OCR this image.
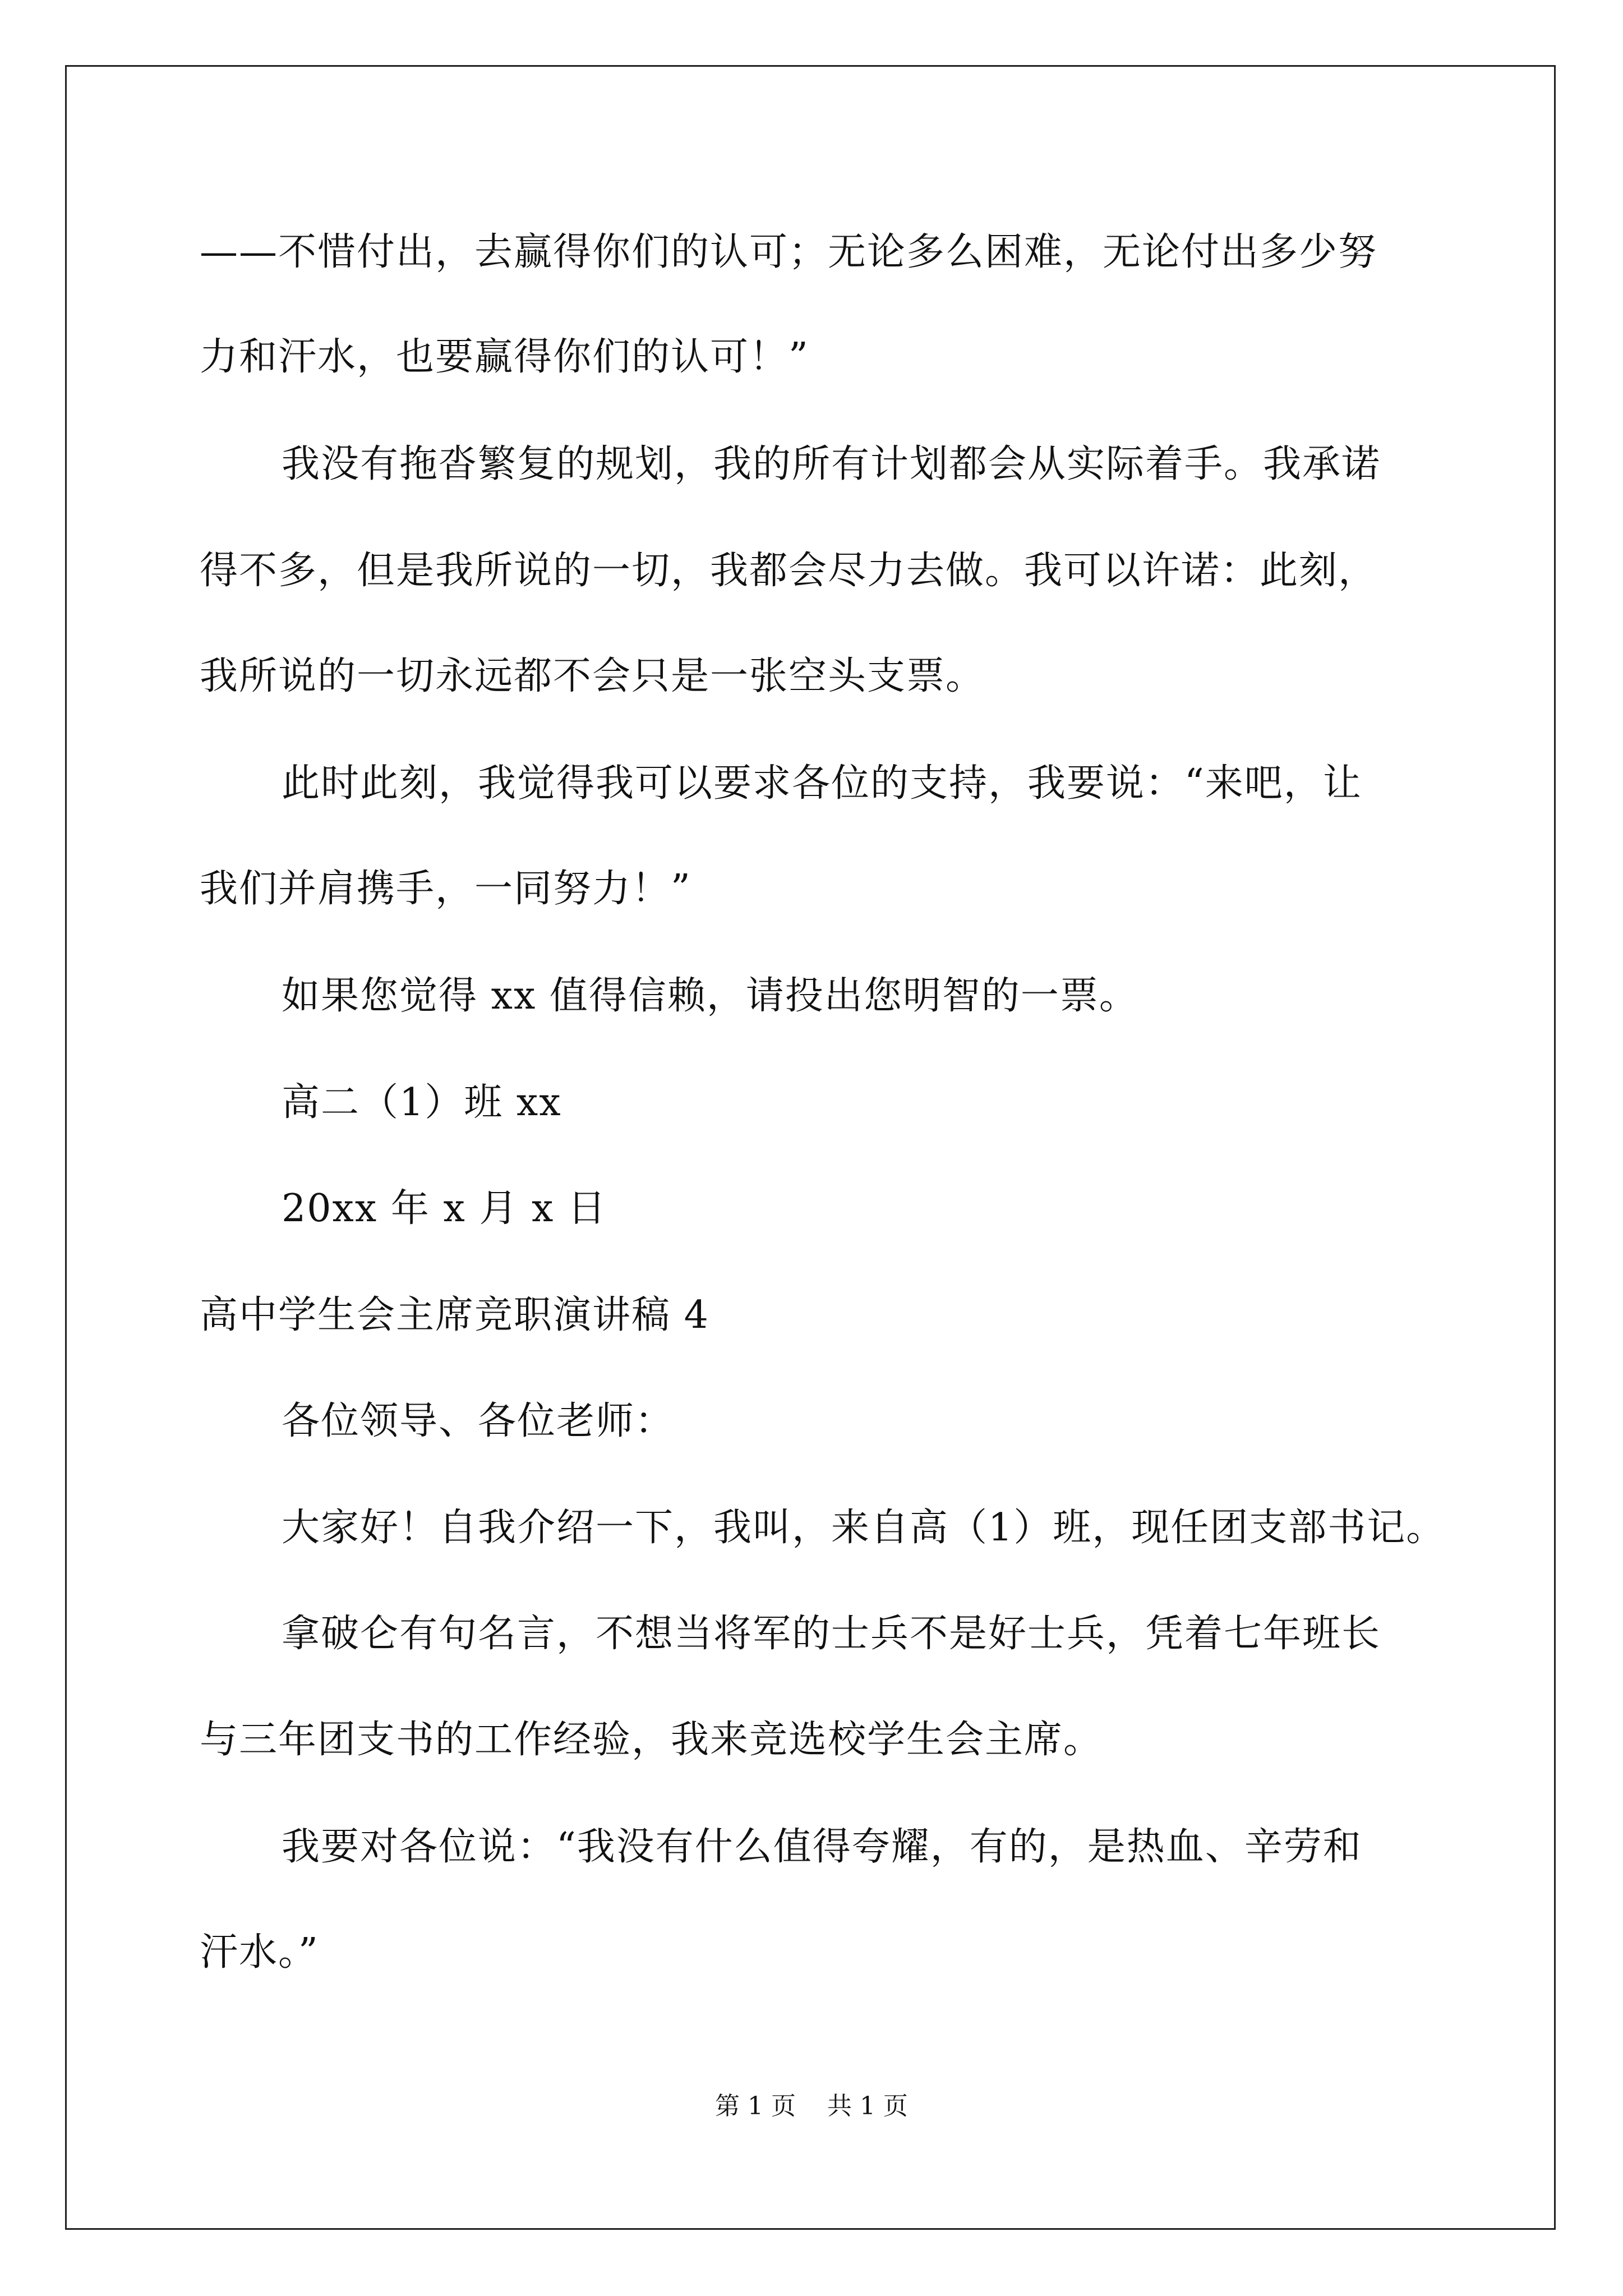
——不惜付出，去赢得你们的认可；无论多么困难，无论付出多少努
力和汗水，也要赢得你们的认可！”
我没有拖沓繁复的规划，我的所有计划都会从实际着手。我承诺
得不多，但是我所说的一切，我都会尽力去做。我可以许诺：此刻，
我所说的一切永远都不会只是一张空头支票。
此时此刻，我觉得我可以要求各位的支持，我要说：“来吧，让
我们并肩携手，一同努力！”
如果您觉得 xx 值得信赖，请投出您明智的一票。
高二（1）班 xx
20xx 年 x 月 x 日
高中学生会主席竞职演讲稿 4
各位领导、各位老师：
大家好！自我介绍一下，我叫，来自高（1）班，现任团支部书记。
拿破仑有句名言，不想当将军的士兵不是好士兵，凭着七年班长
与三年团支书的工作经验，我来竞选校学生会主席。
我要对各位说：“我没有什么值得夸耀，有的，是热血、辛劳和
汗水。”
第 1 页    共 1 页
